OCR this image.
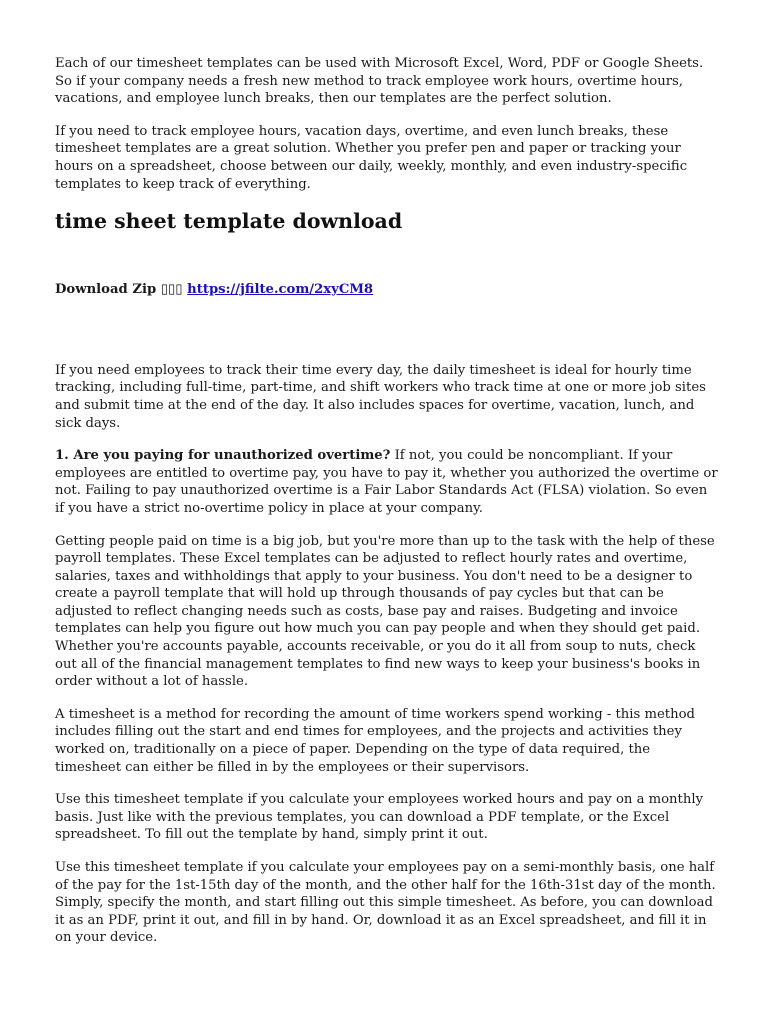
Each of our timesheet templates can be used with Microsoft Excel, Word, PDF or Google Sheets. So if your company needs a fresh new method to track employee work hours, overtime hours, vacations, and employee lunch breaks, then our templates are the perfect solution.

If you need to track employee hours, vacation days, overtime, and even lunch breaks, these timesheet templates are a great solution. Whether you prefer pen and paper or tracking your hours on a spreadsheet, choose between our daily, weekly, monthly, and even industry-specific templates to keep track of everything.

time sheet template download
Download Zip ▯▯▯ https://jfilte.com/2xyCM8

If you need employees to track their time every day, the daily timesheet is ideal for hourly time tracking, including full-time, part-time, and shift workers who track time at one or more job sites and submit time at the end of the day. It also includes spaces for overtime, vacation, lunch, and sick days.

1. Are you paying for unauthorized overtime? If not, you could be noncompliant. If your employees are entitled to overtime pay, you have to pay it, whether you authorized the overtime or not. Failing to pay unauthorized overtime is a Fair Labor Standards Act (FLSA) violation. So even if you have a strict no-overtime policy in place at your company.

Getting people paid on time is a big job, but you're more than up to the task with the help of these payroll templates. These Excel templates can be adjusted to reflect hourly rates and overtime, salaries, taxes and withholdings that apply to your business. You don't need to be a designer to create a payroll template that will hold up through thousands of pay cycles but that can be adjusted to reflect changing needs such as costs, base pay and raises. Budgeting and invoice templates can help you figure out how much you can pay people and when they should get paid. Whether you're accounts payable, accounts receivable, or you do it all from soup to nuts, check out all of the financial management templates to find new ways to keep your business's books in order without a lot of hassle.

A timesheet is a method for recording the amount of time workers spend working - this method includes filling out the start and end times for employees, and the projects and activities they worked on, traditionally on a piece of paper. Depending on the type of data required, the timesheet can either be filled in by the employees or their supervisors.

Use this timesheet template if you calculate your employees worked hours and pay on a monthly basis. Just like with the previous templates, you can download a PDF template, or the Excel spreadsheet. To fill out the template by hand, simply print it out.

Use this timesheet template if you calculate your employees pay on a semi-monthly basis, one half of the pay for the 1st-15th day of the month, and the other half for the 16th-31st day of the month. Simply, specify the month, and start filling out this simple timesheet. As before, you can download it as an PDF, print it out, and fill in by hand. Or, download it as an Excel spreadsheet, and fill it in on your device.
